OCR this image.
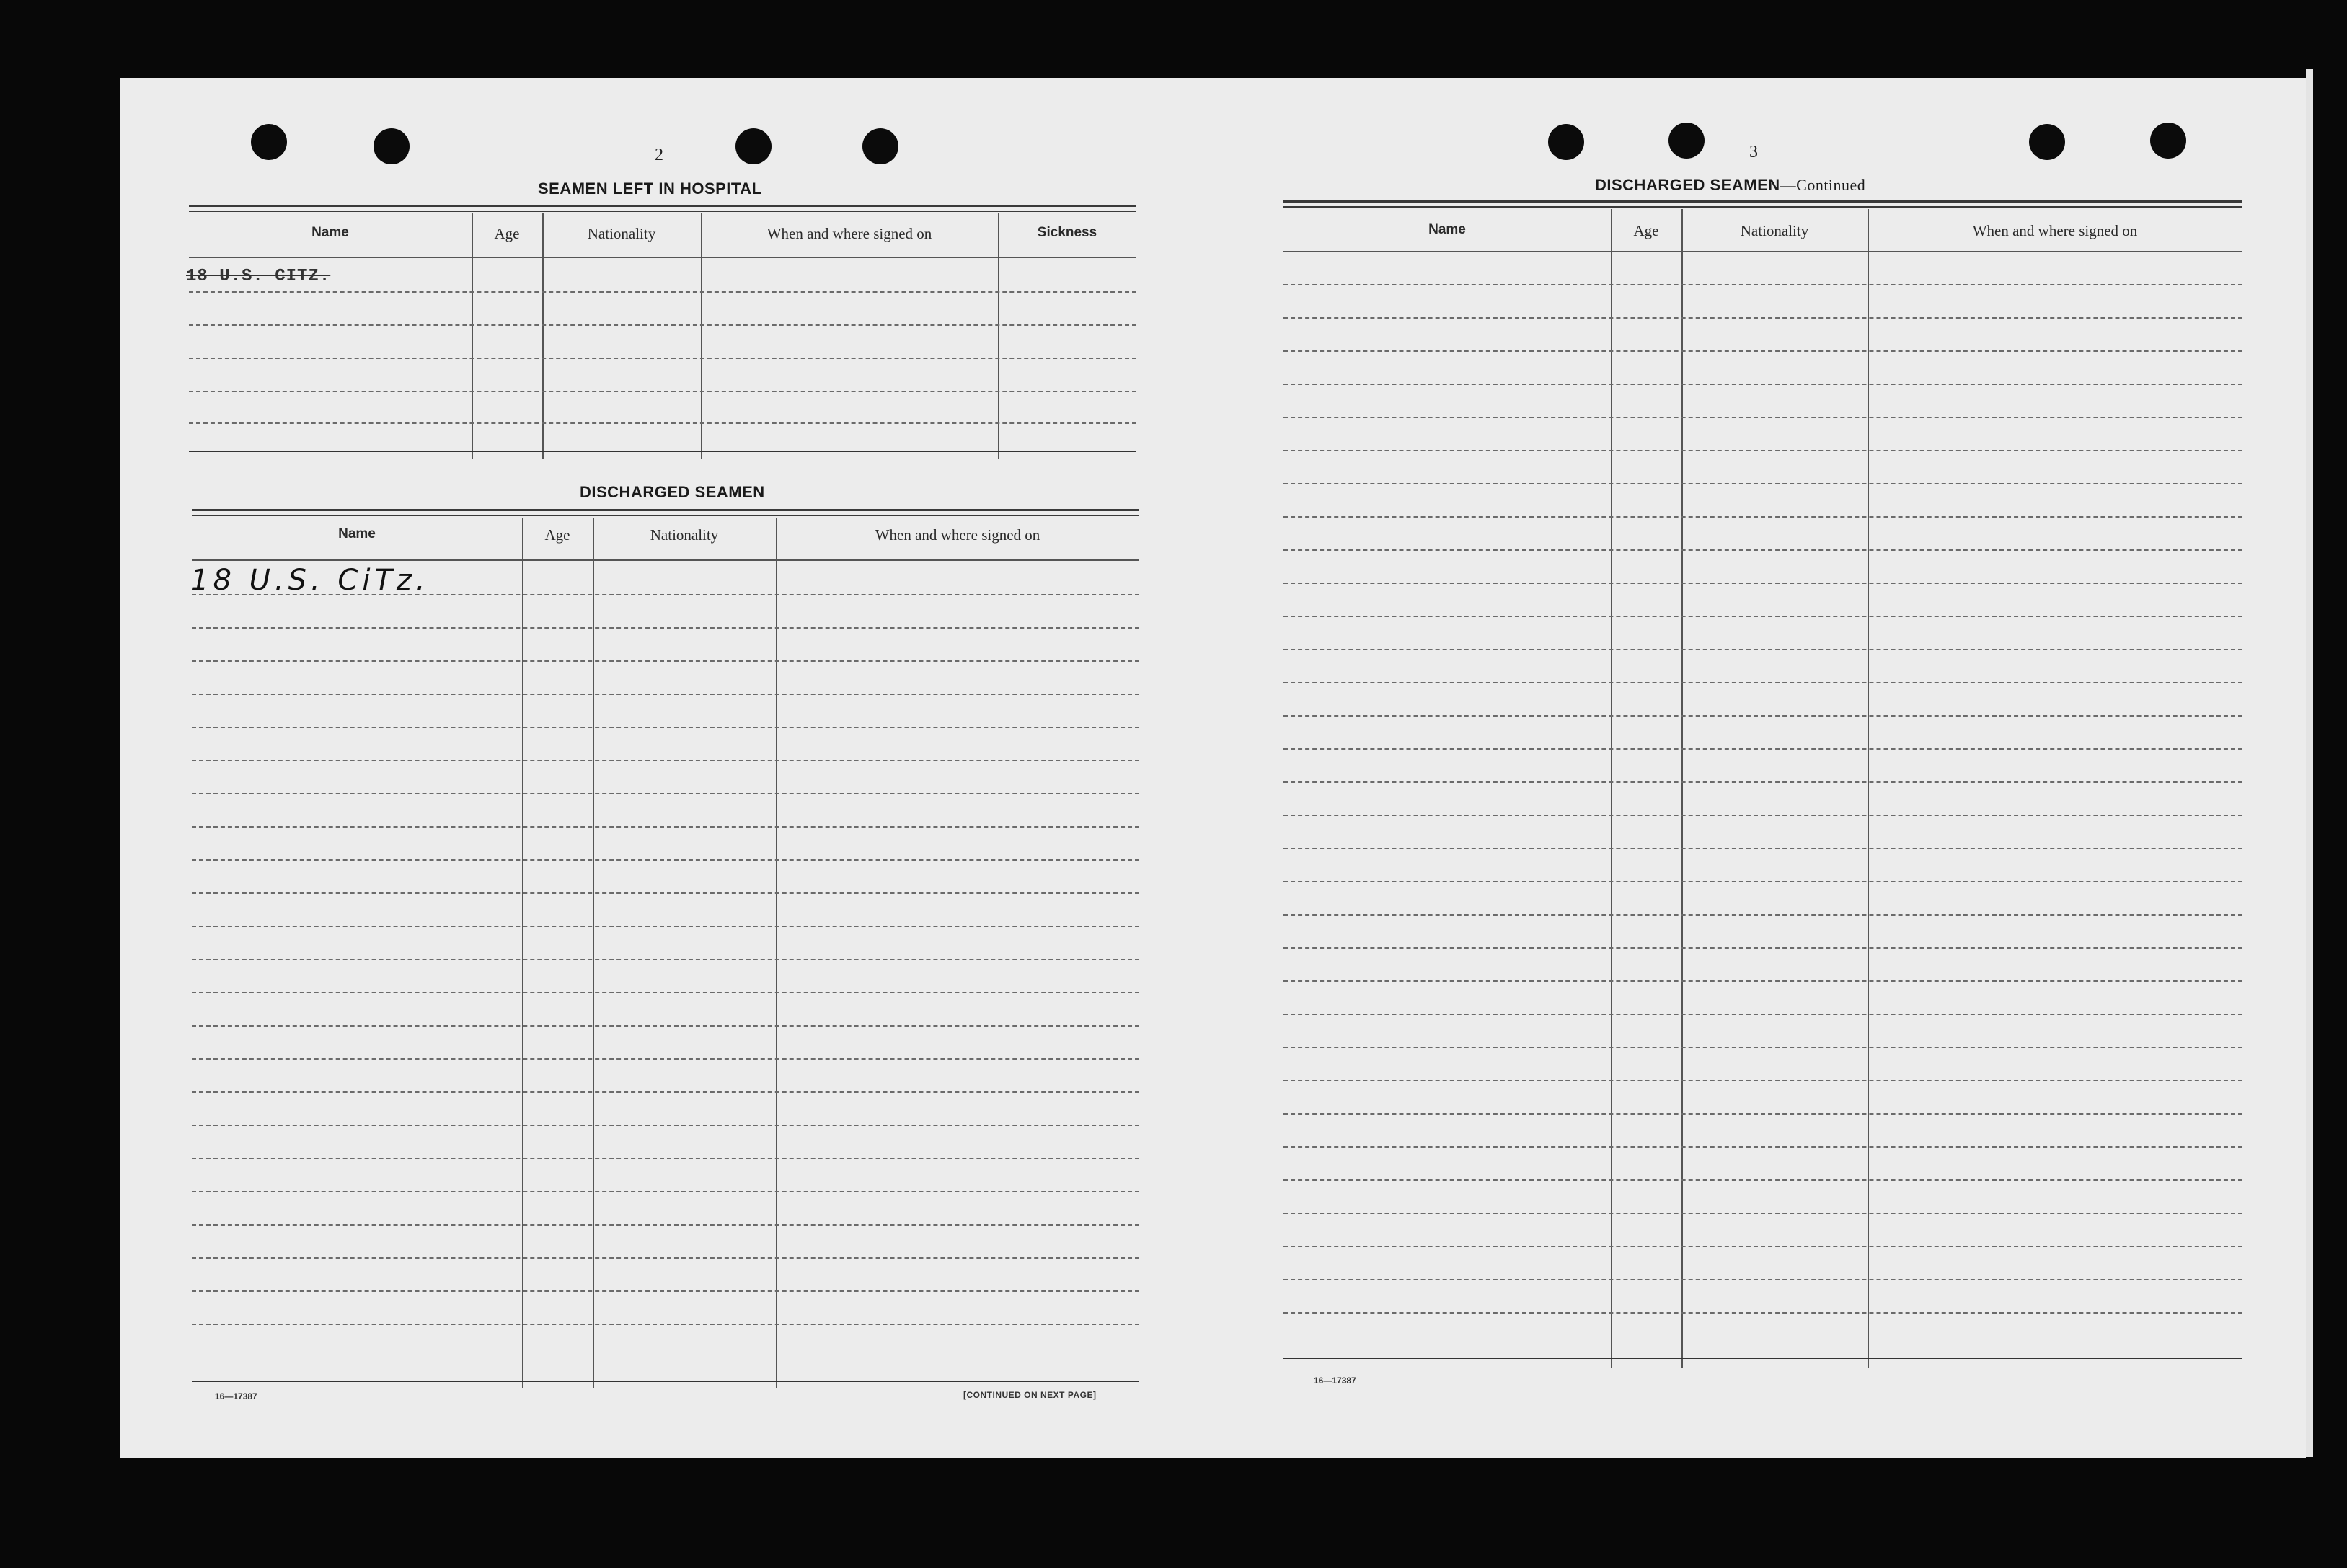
2
SEAMEN LEFT IN HOSPITAL
Name	Age	Nationality	When and where signed on	Sickness
18 U.S. CITZ.
DISCHARGED SEAMEN
Name	Age	Nationality	When and where signed on
18 U.S. CiTz.
16—17387	[CONTINUED ON NEXT PAGE]
3
DISCHARGED SEAMEN—Continued
Name	Age	Nationality	When and where signed on
16—17387
